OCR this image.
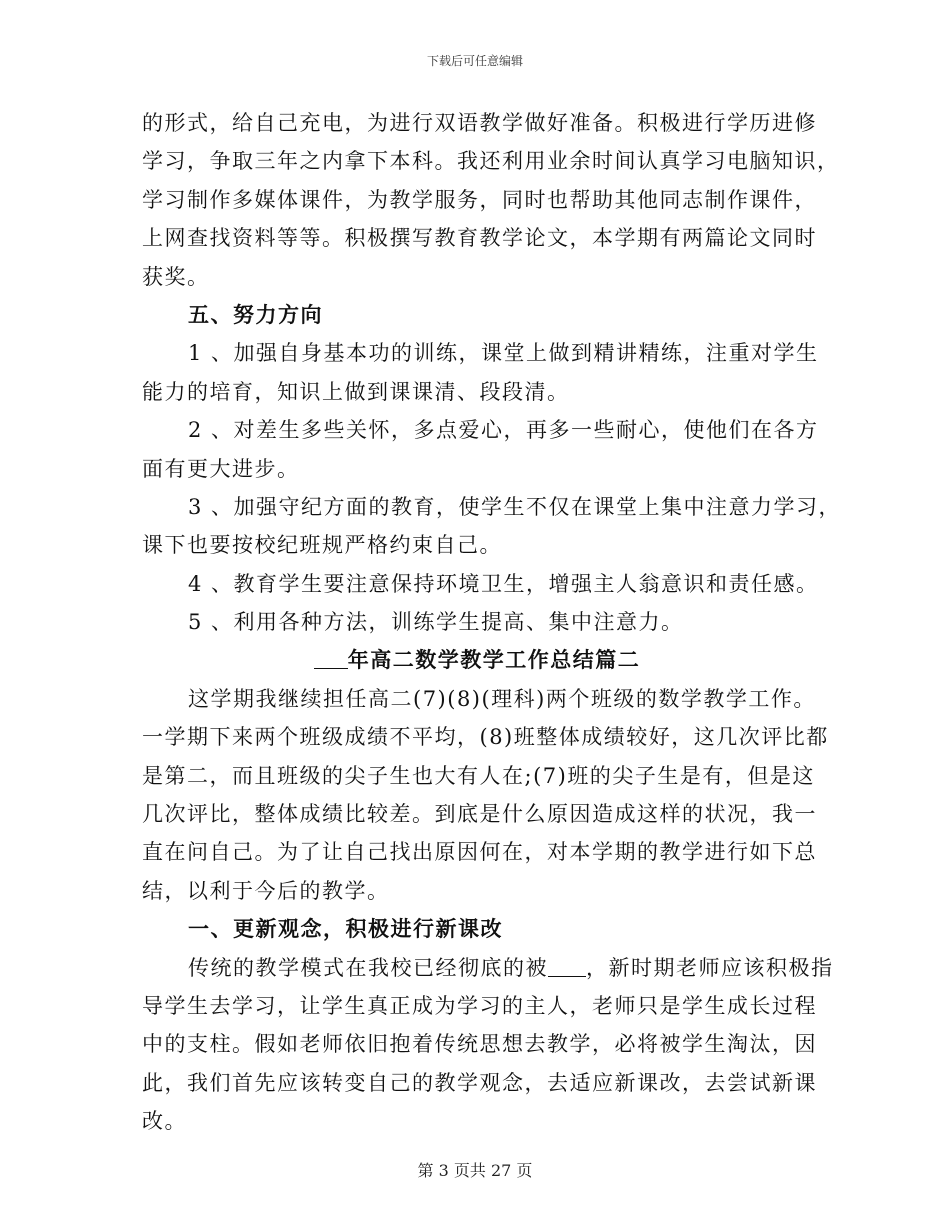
下载后可任意编辑
的形式，给自己充电，为进行双语教学做好准备。积极进行学历进修
学习，争取三年之内拿下本科。我还利用业余时间认真学习电脑知识，
学习制作多媒体课件，为教学服务，同时也帮助其他同志制作课件，
上网查找资料等等。积极撰写教育教学论文，本学期有两篇论文同时
获奖。
五、努力方向
1 、加强自身基本功的训练，课堂上做到精讲精练，注重对学生
能力的培育，知识上做到课课清、段段清。
2 、对差生多些关怀，多点爱心，再多一些耐心，使他们在各方
面有更大进步。
3 、加强守纪方面的教育，使学生不仅在课堂上集中注意力学习，
课下也要按校纪班规严格约束自己。
4 、教育学生要注意保持环境卫生，增强主人翁意识和责任感。
5 、利用各种方法，训练学生提高、集中注意力。
年高二数学教学工作总结篇二
这学期我继续担任高二(7)(8)(理科)两个班级的数学教学工作。
一学期下来两个班级成绩不平均，(8)班整体成绩较好，这几次评比都
是第二，而且班级的尖子生也大有人在;(7)班的尖子生是有，但是这
几次评比，整体成绩比较差。到底是什么原因造成这样的状况，我一
直在问自己。为了让自己找出原因何在，对本学期的教学进行如下总
结，以利于今后的教学。
一、更新观念，积极进行新课改
传统的教学模式在我校已经彻底的被 ，新时期老师应该积极指
导学生去学习，让学生真正成为学习的主人，老师只是学生成长过程
中的支柱。假如老师依旧抱着传统思想去教学，必将被学生淘汰，因
此，我们首先应该转变自己的教学观念，去适应新课改，去尝试新课
改。
第 3 页共 27 页
